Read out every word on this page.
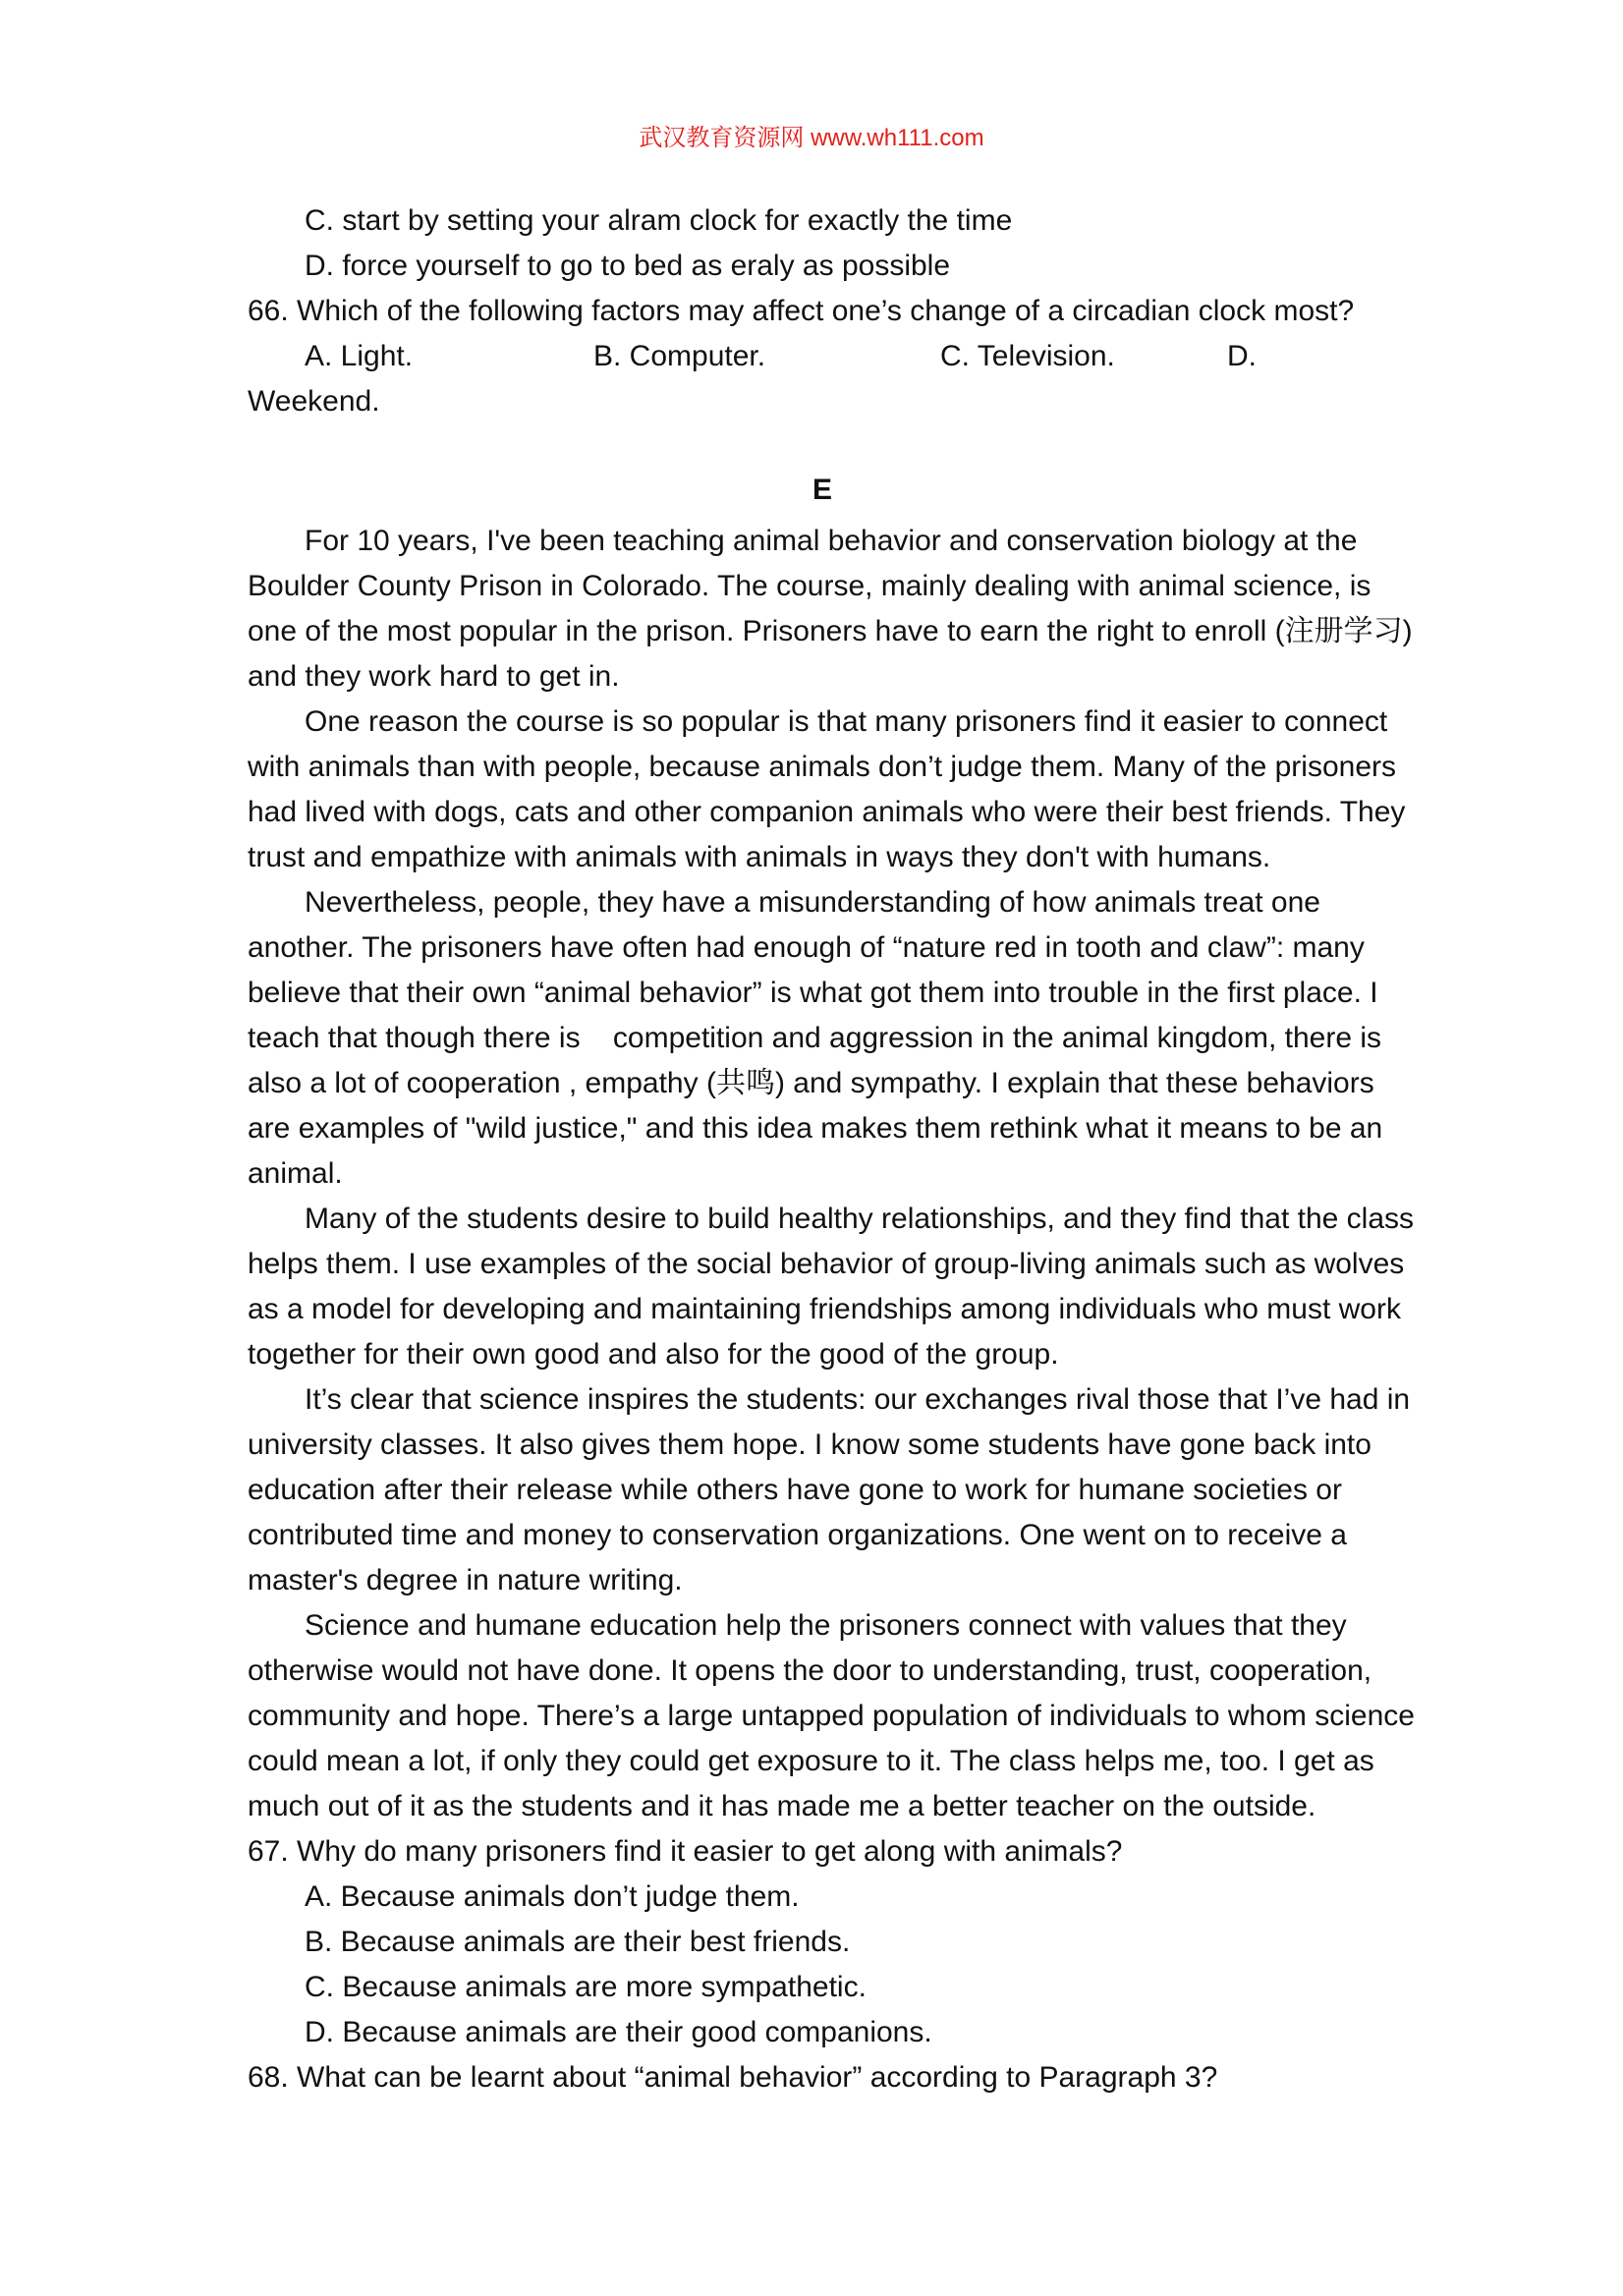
武汉教育资源网 www.wh111.com
C. start by setting your alram clock for exactly the time
D. force yourself to go to bed as eraly as possible
66. Which of the following factors may affect one’s change of a circadian clock most?
A. Light.	B. Computer.	C. Television.	D.
Weekend.
E
For 10 years, I've been teaching animal behavior and conservation biology at the
Boulder County Prison in Colorado. The course, mainly dealing with animal science, is
one of the most popular in the prison. Prisoners have to earn the right to enroll (注册学习)
and they work hard to get in.
One reason the course is so popular is that many prisoners find it easier to connect
with animals than with people, because animals don’t judge them. Many of the prisoners
had lived with dogs, cats and other companion animals who were their best friends. They
trust and empathize with animals with animals in ways they don't with humans.
Nevertheless, people, they have a misunderstanding of how animals treat one
another. The prisoners have often had enough of “nature red in tooth and claw”: many
believe that their own “animal behavior” is what got them into trouble in the first place. I
teach that though there is    competition and aggression in the animal kingdom, there is
also a lot of cooperation , empathy (共鸣) and sympathy. I explain that these behaviors
are examples of "wild justice," and this idea makes them rethink what it means to be an
animal.
Many of the students desire to build healthy relationships, and they find that the class
helps them. I use examples of the social behavior of group-living animals such as wolves
as a model for developing and maintaining friendships among individuals who must work
together for their own good and also for the good of the group.
It’s clear that science inspires the students: our exchanges rival those that I’ve had in
university classes. It also gives them hope. I know some students have gone back into
education after their release while others have gone to work for humane societies or
contributed time and money to conservation organizations. One went on to receive a
master's degree in nature writing.
Science and humane education help the prisoners connect with values that they
otherwise would not have done. It opens the door to understanding, trust, cooperation,
community and hope. There’s a large untapped population of individuals to whom science
could mean a lot, if only they could get exposure to it. The class helps me, too. I get as
much out of it as the students and it has made me a better teacher on the outside.
67. Why do many prisoners find it easier to get along with animals?
A. Because animals don’t judge them.
B. Because animals are their best friends.
C. Because animals are more sympathetic.
D. Because animals are their good companions.
68. What can be learnt about “animal behavior” according to Paragraph 3?
